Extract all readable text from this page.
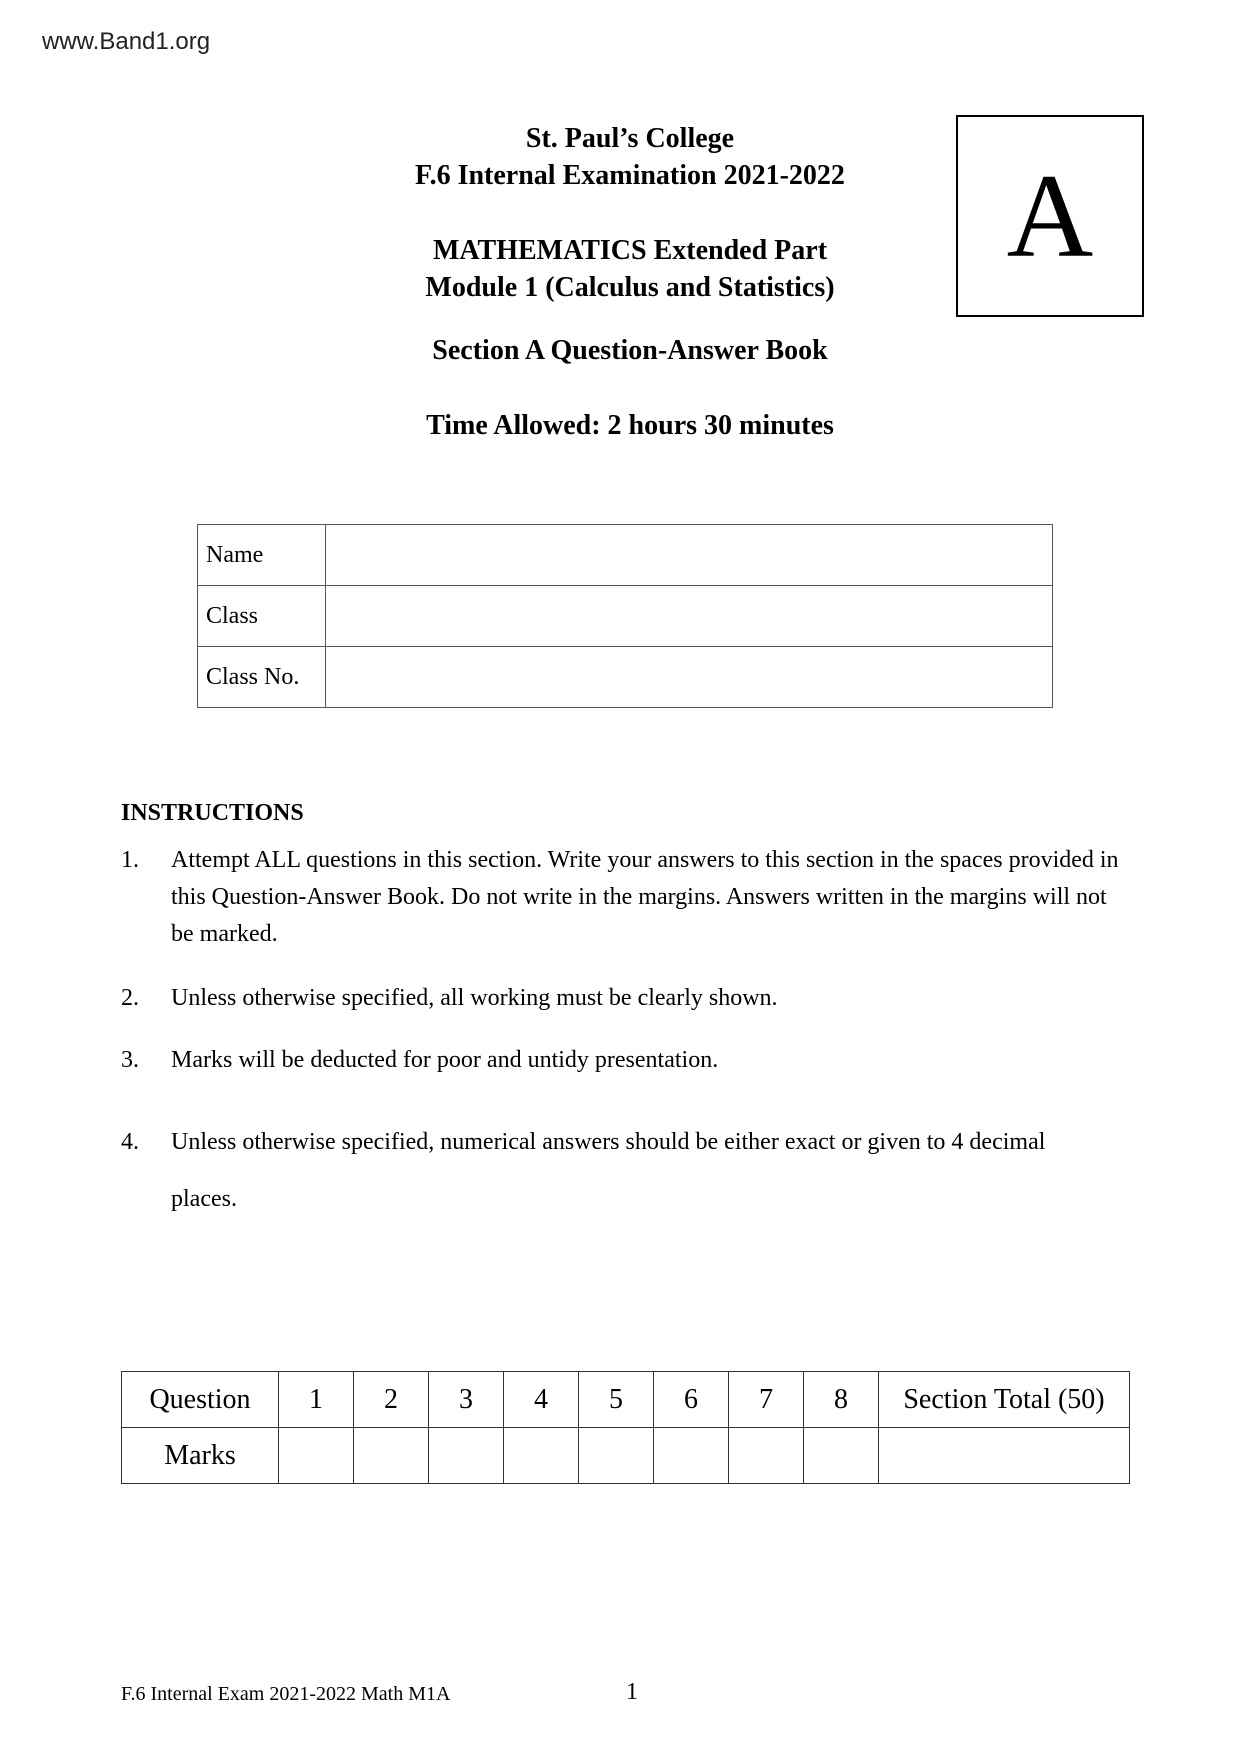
www.Band1.org
St. Paul’s College
F.6 Internal Examination 2021-2022
MATHEMATICS Extended Part
Module 1 (Calculus and Statistics)
Section A Question-Answer Book
Time Allowed: 2 hours 30 minutes
A
Name	
Class	
Class No.	
INSTRUCTIONS
1. Attempt ALL questions in this section. Write your answers to this section in the spaces provided in this Question-Answer Book. Do not write in the margins. Answers written in the margins will not be marked.
2. Unless otherwise specified, all working must be clearly shown.
3. Marks will be deducted for poor and untidy presentation.
4. Unless otherwise specified, numerical answers should be either exact or given to 4 decimal places.
Question	1	2	3	4	5	6	7	8	Section Total (50)
Marks									
F.6 Internal Exam 2021-2022 Math M1A	1
